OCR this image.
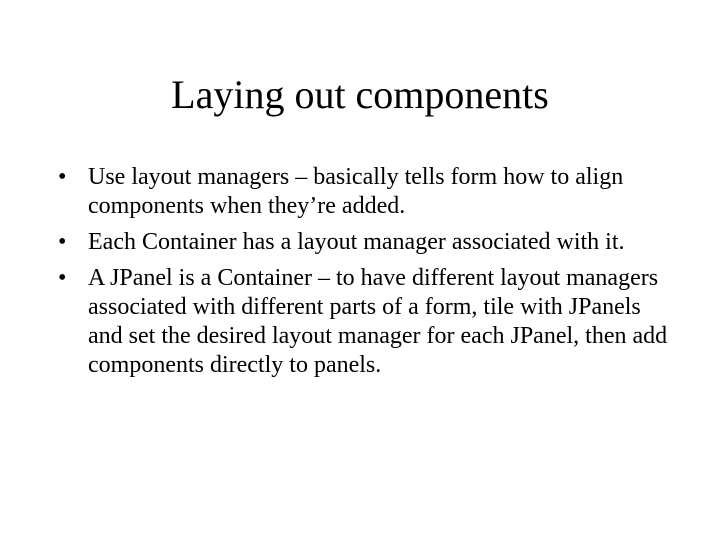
Laying out components
• Use layout managers – basically tells form how to align components when they’re added.
• Each Container has a layout manager associated with it.
• A JPanel is a Container – to have different layout managers associated with different parts of a form, tile with JPanels and set the desired layout manager for each JPanel, then add components directly to panels.
